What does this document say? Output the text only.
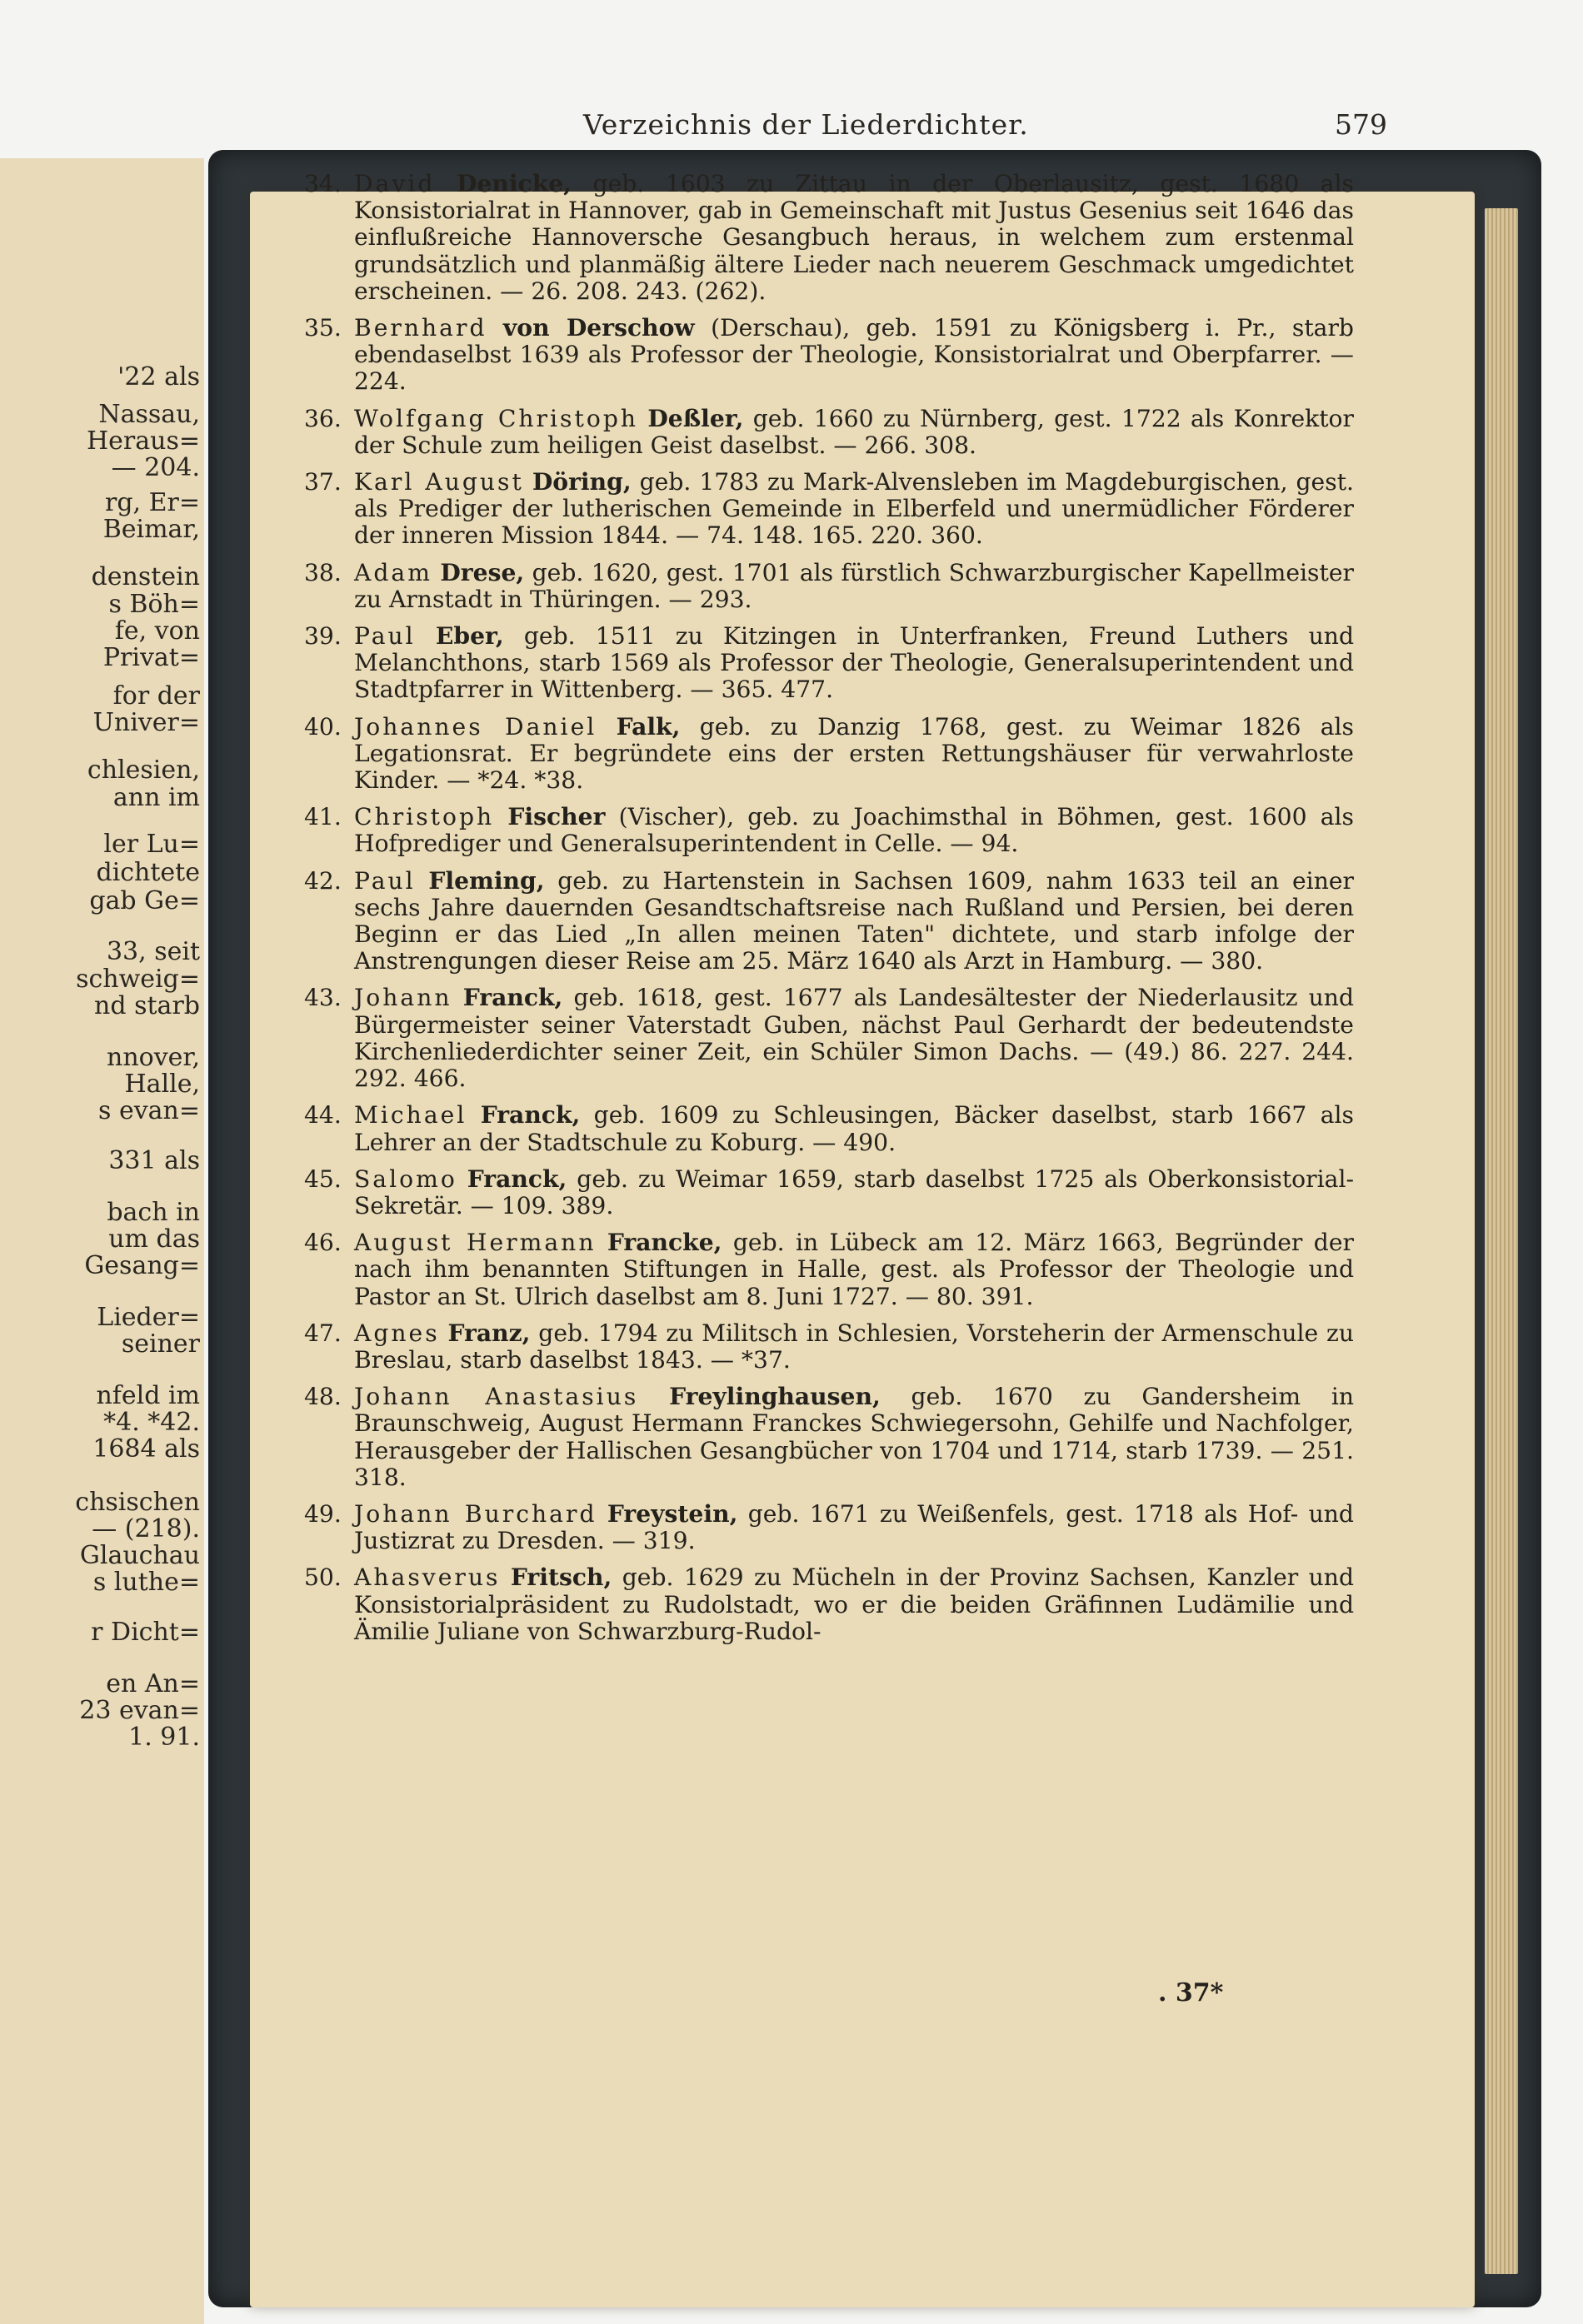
'22 als
Nassau,
Heraus=
— 204.
rg, Er=
Beimar,
denstein
s Böh=
fe, von
Privat=
for der
Univer=
chlesien,
ann im
ler Lu=
dichtete
gab Ge=
33, seit
schweig=
nd starb
nnover,
Halle,
s evan=
331 als
bach in
um das
Gesang=
Lieder=
seiner
nfeld im
*4. *42.
1684 als
chsischen
— (218).
Glauchau
s luthe=
r Dicht=
en An=
23 evan=
1. 91.
Verzeichnis der Liederdichter.	579
34. David Denicke, geb. 1603 zu Zittau in der Oberlausitz, gest. 1680 als Konsistorialrat in Hannover, gab in Gemeinschaft mit Justus Gesenius seit 1646 das einflußreiche Hannoversche Gesangbuch heraus, in welchem zum erstenmal grundsätzlich und planmäßig ältere Lieder nach neuerem Geschmack umgedichtet erscheinen. — 26. 208. 243. (262).
35. Bernhard von Derschow (Derschau), geb. 1591 zu Königsberg i. Pr., starb ebendaselbst 1639 als Professor der Theologie, Konsistorialrat und Oberpfarrer. — 224.
36. Wolfgang Christoph Deßler, geb. 1660 zu Nürnberg, gest. 1722 als Konrektor der Schule zum heiligen Geist daselbst. — 266. 308.
37. Karl August Döring, geb. 1783 zu Mark-Alvensleben im Magdeburgischen, gest. als Prediger der lutherischen Gemeinde in Elberfeld und unermüdlicher Förderer der inneren Mission 1844. — 74. 148. 165. 220. 360.
38. Adam Drese, geb. 1620, gest. 1701 als fürstlich Schwarzburgischer Kapellmeister zu Arnstadt in Thüringen. — 293.
39. Paul Eber, geb. 1511 zu Kitzingen in Unterfranken, Freund Luthers und Melanchthons, starb 1569 als Professor der Theologie, Generalsuperintendent und Stadtpfarrer in Wittenberg. — 365. 477.
40. Johannes Daniel Falk, geb. zu Danzig 1768, gest. zu Weimar 1826 als Legationsrat. Er begründete eins der ersten Rettungshäuser für verwahrloste Kinder. — *24. *38.
41. Christoph Fischer (Vischer), geb. zu Joachimsthal in Böhmen, gest. 1600 als Hofprediger und Generalsuperintendent in Celle. — 94.
42. Paul Fleming, geb. zu Hartenstein in Sachsen 1609, nahm 1633 teil an einer sechs Jahre dauernden Gesandtschaftsreise nach Rußland und Persien, bei deren Beginn er das Lied „In allen meinen Taten" dichtete, und starb infolge der Anstrengungen dieser Reise am 25. März 1640 als Arzt in Hamburg. — 380.
43. Johann Franck, geb. 1618, gest. 1677 als Landesältester der Niederlausitz und Bürgermeister seiner Vaterstadt Guben, nächst Paul Gerhardt der bedeutendste Kirchenliederdichter seiner Zeit, ein Schüler Simon Dachs. — (49.) 86. 227. 244. 292. 466.
44. Michael Franck, geb. 1609 zu Schleusingen, Bäcker daselbst, starb 1667 als Lehrer an der Stadtschule zu Koburg. — 490.
45. Salomo Franck, geb. zu Weimar 1659, starb daselbst 1725 als Oberkonsistorial-Sekretär. — 109. 389.
46. August Hermann Francke, geb. in Lübeck am 12. März 1663, Begründer der nach ihm benannten Stiftungen in Halle, gest. als Professor der Theologie und Pastor an St. Ulrich daselbst am 8. Juni 1727. — 80. 391.
47. Agnes Franz, geb. 1794 zu Militsch in Schlesien, Vorsteherin der Armenschule zu Breslau, starb daselbst 1843. — *37.
48. Johann Anastasius Freylinghausen, geb. 1670 zu Gandersheim in Braunschweig, August Hermann Franckes Schwiegersohn, Gehilfe und Nachfolger, Herausgeber der Hallischen Gesangbücher von 1704 und 1714, starb 1739. — 251. 318.
49. Johann Burchard Freystein, geb. 1671 zu Weißenfels, gest. 1718 als Hof- und Justizrat zu Dresden. — 319.
50. Ahasverus Fritsch, geb. 1629 zu Mücheln in der Provinz Sachsen, Kanzler und Konsistorialpräsident zu Rudolstadt, wo er die beiden Gräfinnen Ludämilie und Ämilie Juliane von Schwarzburg-Rudol-
. 37*
